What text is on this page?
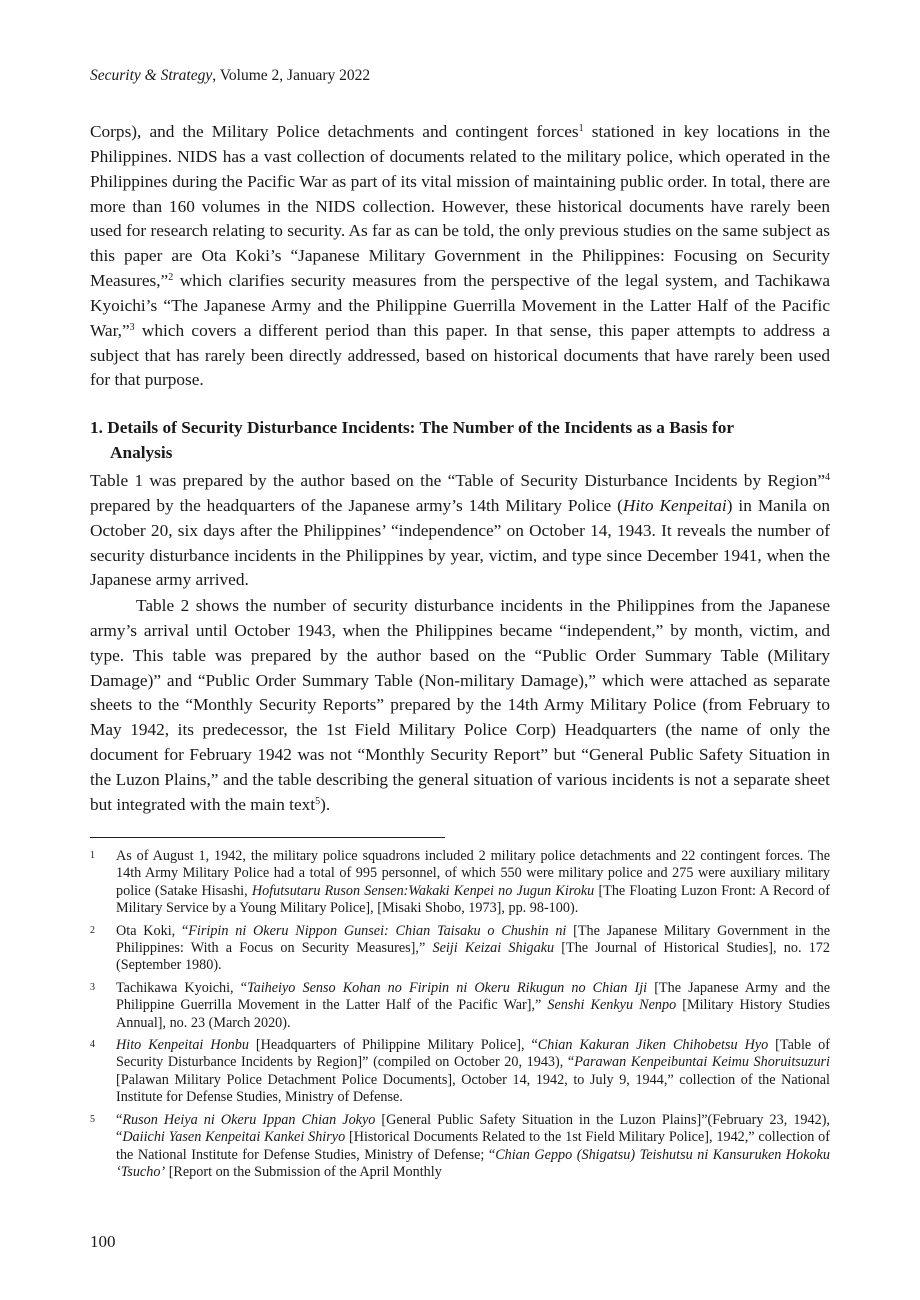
Security & Strategy, Volume 2, January 2022

Corps), and the Military Police detachments and contingent forces$^1$ stationed in key locations in the Philippines. NIDS has a vast collection of documents related to the military police, which operated in the Philippines during the Pacific War as part of its vital mission of maintaining public order. In total, there are more than 160 volumes in the NIDS collection. However, these historical documents have rarely been used for research relating to security. As far as can be told, the only previous studies on the same subject as this paper are Ota Koki’s “Japanese Military Government in the Philippines: Focusing on Security Measures,”$^2$ which clarifies security measures from the perspective of the legal system, and Tachikawa Kyoichi’s “The Japanese Army and the Philippine Guerrilla Movement in the Latter Half of the Pacific War,”$^3$ which covers a different period than this paper. In that sense, this paper attempts to address a subject that has rarely been directly addressed, based on historical documents that have rarely been used for that purpose.

1. Details of Security Disturbance Incidents: The Number of the Incidents as a Basis for
Analysis

Table 1 was prepared by the author based on the “Table of Security Disturbance Incidents by Region”$^4$ prepared by the headquarters of the Japanese army’s 14th Military Police (Hito Kenpeitai) in Manila on October 20, six days after the Philippines’ “independence” on October 14, 1943. It reveals the number of security disturbance incidents in the Philippines by year, victim, and type since December 1941, when the Japanese army arrived.

Table 2 shows the number of security disturbance incidents in the Philippines from the Japanese army’s arrival until October 1943, when the Philippines became “independent,” by month, victim, and type. This table was prepared by the author based on the “Public Order Summary Table (Military Damage)” and “Public Order Summary Table (Non-military Damage),” which were attached as separate sheets to the “Monthly Security Reports” prepared by the 14th Army Military Police (from February to May 1942, its predecessor, the 1st Field Military Police Corp) Headquarters (the name of only the document for February 1942 was not “Monthly Security Report” but “General Public Safety Situation in the Luzon Plains,” and the table describing the general situation of various incidents is not a separate sheet but integrated with the main text$^5$).

1	As of August 1, 1942, the military police squadrons included 2 military police detachments and 22 contingent forces. The 14th Army Military Police had a total of 995 personnel, of which 550 were military police and 275 were auxiliary military police (Satake Hisashi, Hofutsutaru Ruson Sensen:Wakaki Kenpei no Jugun Kiroku [The Floating Luzon Front: A Record of Military Service by a Young Military Police], [Misaki Shobo, 1973], pp. 98-100).
2	Ota Koki, “Firipin ni Okeru Nippon Gunsei: Chian Taisaku o Chushin ni [The Japanese Military Government in the Philippines: With a Focus on Security Measures],” Seiji Keizai Shigaku [The Journal of Historical Studies], no. 172 (September 1980).
3	Tachikawa Kyoichi, “Taiheiyo Senso Kohan no Firipin ni Okeru Rikugun no Chian Iji [The Japanese Army and the Philippine Guerrilla Movement in the Latter Half of the Pacific War],” Senshi Kenkyu Nenpo [Military History Studies Annual], no. 23 (March 2020).
4	Hito Kenpeitai Honbu [Headquarters of Philippine Military Police], “Chian Kakuran Jiken Chihobetsu Hyo [Table of Security Disturbance Incidents by Region]” (compiled on October 20, 1943), “Parawan Kenpeibuntai Keimu Shoruitsuzuri [Palawan Military Police Detachment Police Documents], October 14, 1942, to July 9, 1944,” collection of the National Institute for Defense Studies, Ministry of Defense.
5	“Ruson Heiya ni Okeru Ippan Chian Jokyo [General Public Safety Situation in the Luzon Plains]”(February 23, 1942), “Daiichi Yasen Kenpeitai Kankei Shiryo [Historical Documents Related to the 1st Field Military Police], 1942,” collection of the National Institute for Defense Studies, Ministry of Defense; “Chian Geppo (Shigatsu) Teishutsu ni Kansuruken Hokoku ‘Tsucho’ [Report on the Submission of the April Monthly
100
